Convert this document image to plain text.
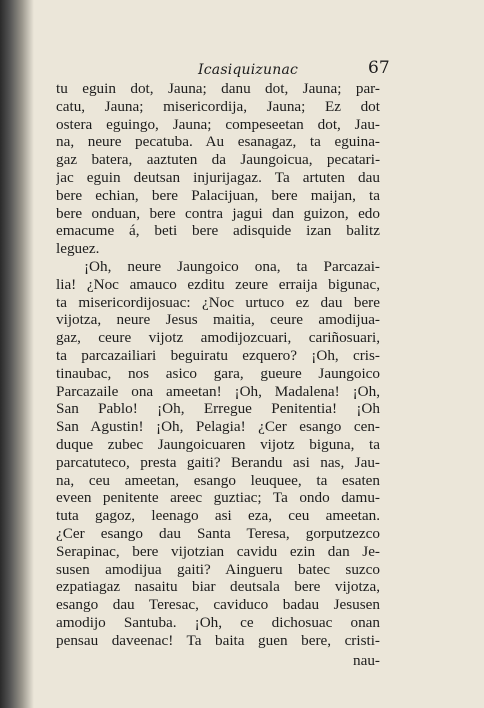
Icasiquizunac	67
tu eguin dot, Jauna; danu dot, Jauna; par-
catu, Jauna; misericordija, Jauna; Ez dot
ostera eguingo, Jauna; compeseetan dot, Jau-
na, neure pecatuba. Au esanagaz, ta eguina-
gaz batera, aaztuten da Jaungoicua, pecatari-
jac eguin deutsan injurijagaz. Ta artuten dau
bere echian, bere Palacijuan, bere maijan, ta
bere onduan, bere contra jagui dan guizon, edo
emacume á, beti bere adisquide izan balitz
leguez.
¡Oh, neure Jaungoico ona, ta Parcazai-
lia! ¿Noc amauco ezditu zeure erraija bigunac,
ta misericordijosuac: ¿Noc urtuco ez dau bere
vijotza, neure Jesus maitia, ceure amodijua-
gaz, ceure vijotz amodijozcuari, cariñosuari,
ta parcazailiari beguiratu ezquero? ¡Oh, cris-
tinaubac, nos asico gara, gueure Jaungoico
Parcazaile ona ameetan! ¡Oh, Madalena! ¡Oh,
San Pablo! ¡Oh, Erregue Penitentia! ¡Oh
San Agustin! ¡Oh, Pelagia! ¿Cer esango cen-
duque zubec Jaungoicuaren vijotz biguna, ta
parcatuteco, presta gaiti? Berandu asi nas, Jau-
na, ceu ameetan, esango leuquee, ta esaten
eveen penitente areec guztiac; Ta ondo damu-
tuta gagoz, leenago asi eza, ceu ameetan.
¿Cer esango dau Santa Teresa, gorputzezco
Serapinac, bere vijotzian cavidu ezin dan Je-
susen amodijua gaiti? Aingueru batec suzco
ezpatiagaz nasaitu biar deutsala bere vijotza,
esango dau Teresac, caviduco badau Jesusen
amodijo Santuba. ¡Oh, ce dichosuac onan
pensau daveenac! Ta baita guen bere, cristi-
nau-
